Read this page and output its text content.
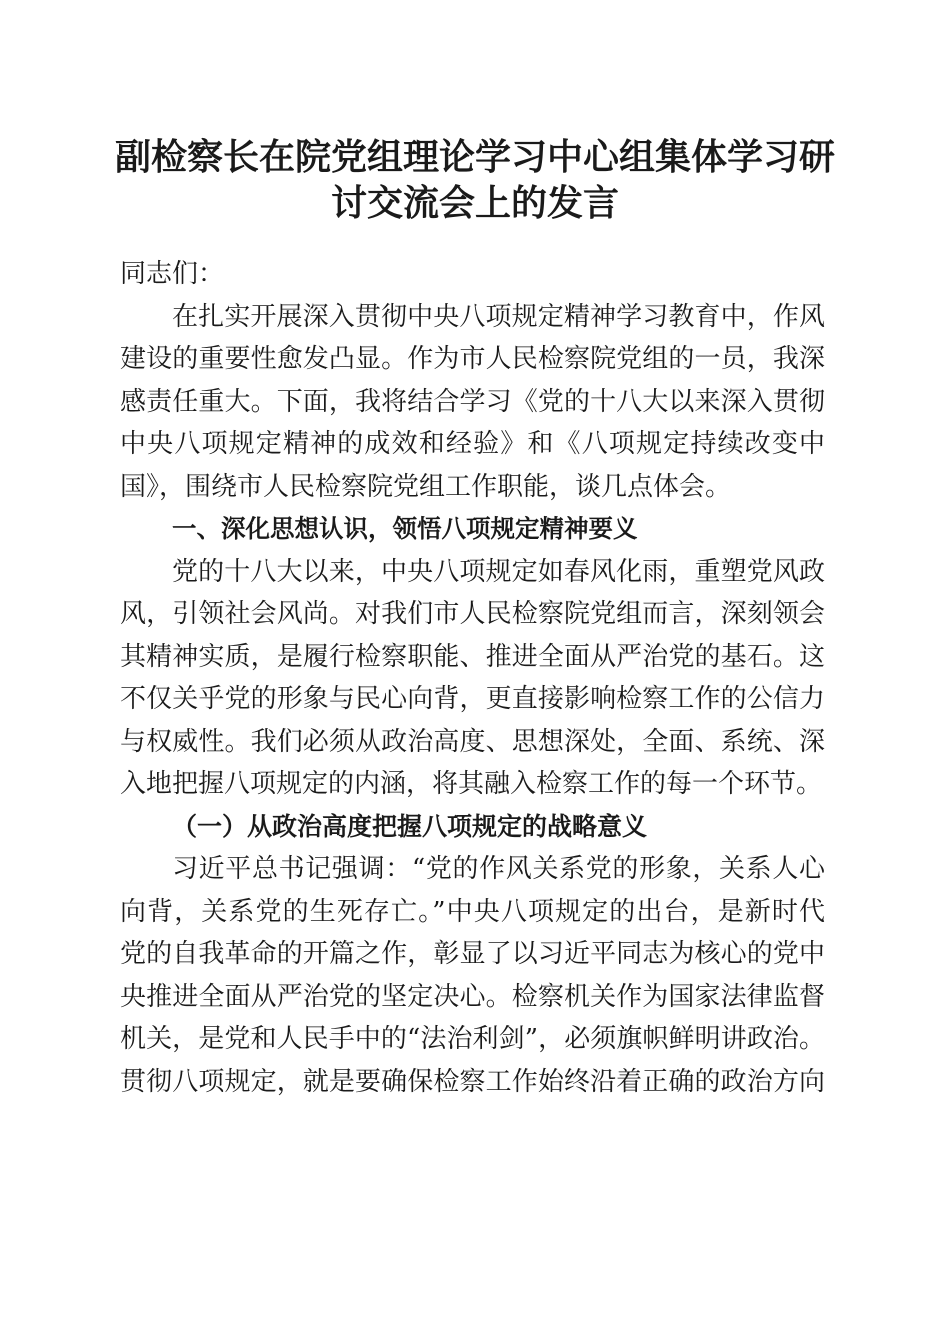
副检察长在院党组理论学习中心组集体学习研
讨交流会上的发言
同志们：
在扎实开展深入贯彻中央八项规定精神学习教育中，作风
建设的重要性愈发凸显。作为市人民检察院党组的一员，我深
感责任重大。下面，我将结合学习《党的十八大以来深入贯彻
中央八项规定精神的成效和经验》和《八项规定持续改变中
国》，围绕市人民检察院党组工作职能，谈几点体会。
一、深化思想认识，领悟八项规定精神要义
党的十八大以来，中央八项规定如春风化雨，重塑党风政
风，引领社会风尚。对我们市人民检察院党组而言，深刻领会
其精神实质，是履行检察职能、推进全面从严治党的基石。这
不仅关乎党的形象与民心向背，更直接影响检察工作的公信力
与权威性。我们必须从政治高度、思想深处，全面、系统、深
入地把握八项规定的内涵，将其融入检察工作的每一个环节。
（一）从政治高度把握八项规定的战略意义
习近平总书记强调：“党的作风关系党的形象，关系人心
向背，关系党的生死存亡。”中央八项规定的出台，是新时代
党的自我革命的开篇之作，彰显了以习近平同志为核心的党中
央推进全面从严治党的坚定决心。检察机关作为国家法律监督
机关，是党和人民手中的“法治利剑”，必须旗帜鲜明讲政治。
贯彻八项规定，就是要确保检察工作始终沿着正确的政治方向
